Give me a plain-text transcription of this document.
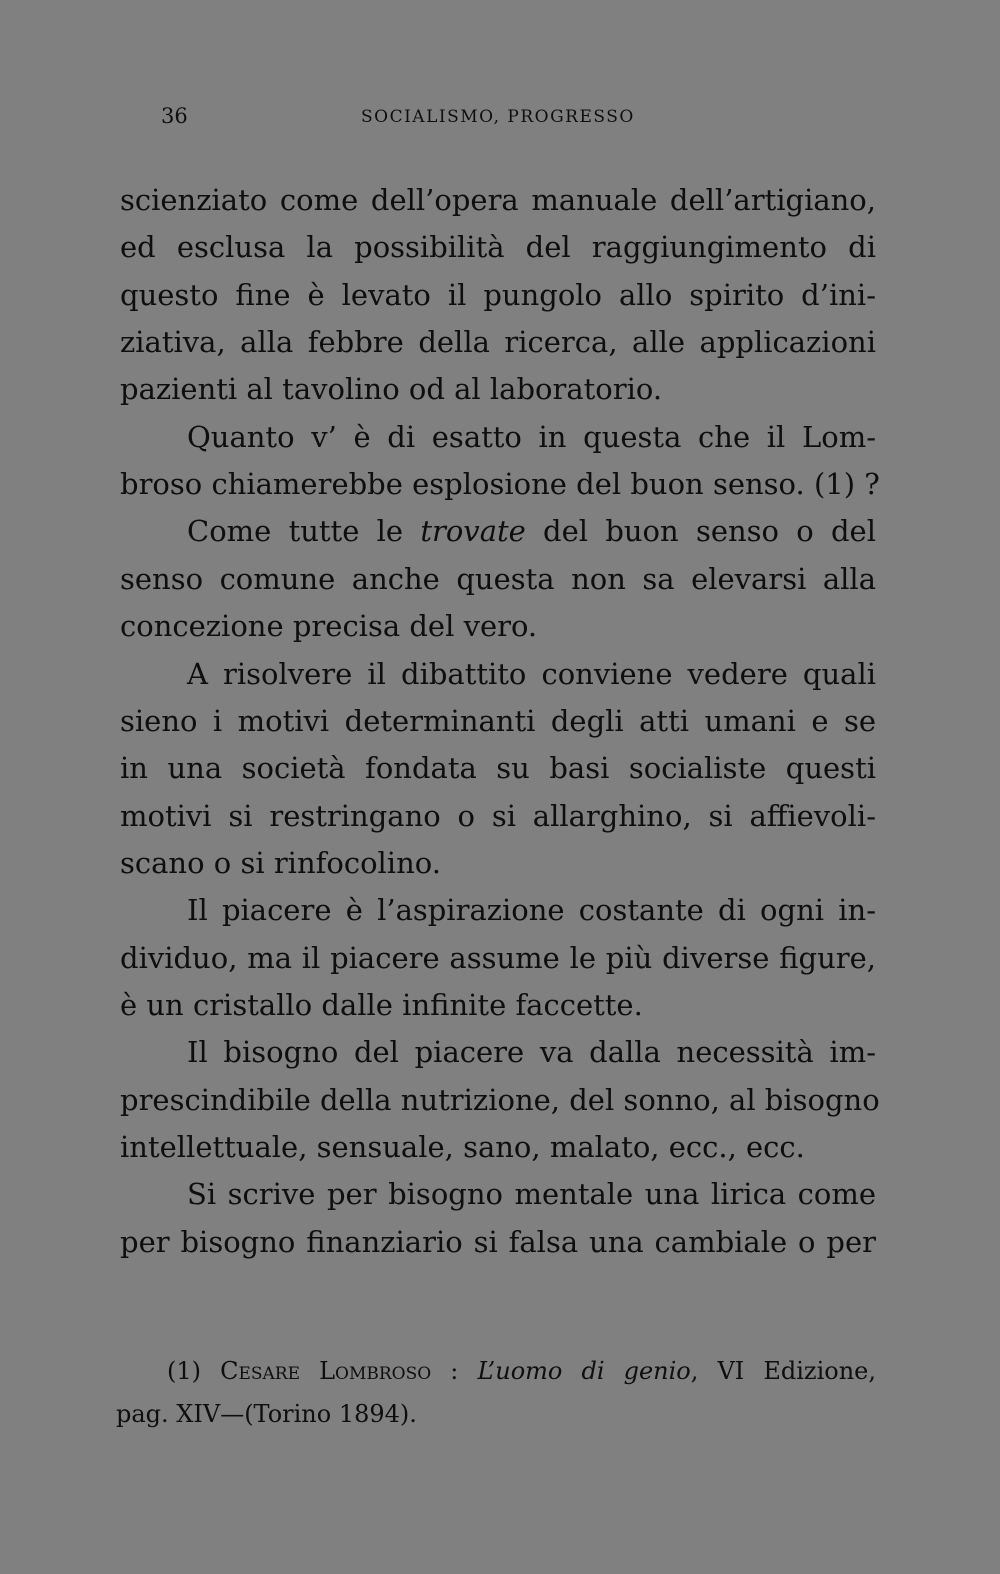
36	SOCIALISMO, PROGRESSO
scienziato come dell’opera manuale dell’artigiano,
ed esclusa la possibilità del raggiungimento di
questo fine è levato il pungolo allo spirito d’ini-
ziativa, alla febbre della ricerca, alle applicazioni
pazienti al tavolino od al laboratorio.
Quanto v’ è di esatto in questa che il Lom-
broso chiamerebbe esplosione del buon senso. (1) ?
Come tutte le trovate del buon senso o del
senso comune anche questa non sa elevarsi alla
concezione precisa del vero.
A risolvere il dibattito conviene vedere quali
sieno i motivi determinanti degli atti umani e se
in una società fondata su basi socialiste questi
motivi si restringano o si allarghino, si affievoli-
scano o si rinfocolino.
Il piacere è l’aspirazione costante di ogni in-
dividuo, ma il piacere assume le più diverse figure,
è un cristallo dalle infinite faccette.
Il bisogno del piacere va dalla necessità im-
prescindibile della nutrizione, del sonno, al bisogno
intellettuale, sensuale, sano, malato, ecc., ecc.
Si scrive per bisogno mentale una lirica come
per bisogno finanziario si falsa una cambiale o per
(1) Cesare Lombroso : L’uomo di genio, VI Edizione,
pag. XIV—(Torino 1894).
